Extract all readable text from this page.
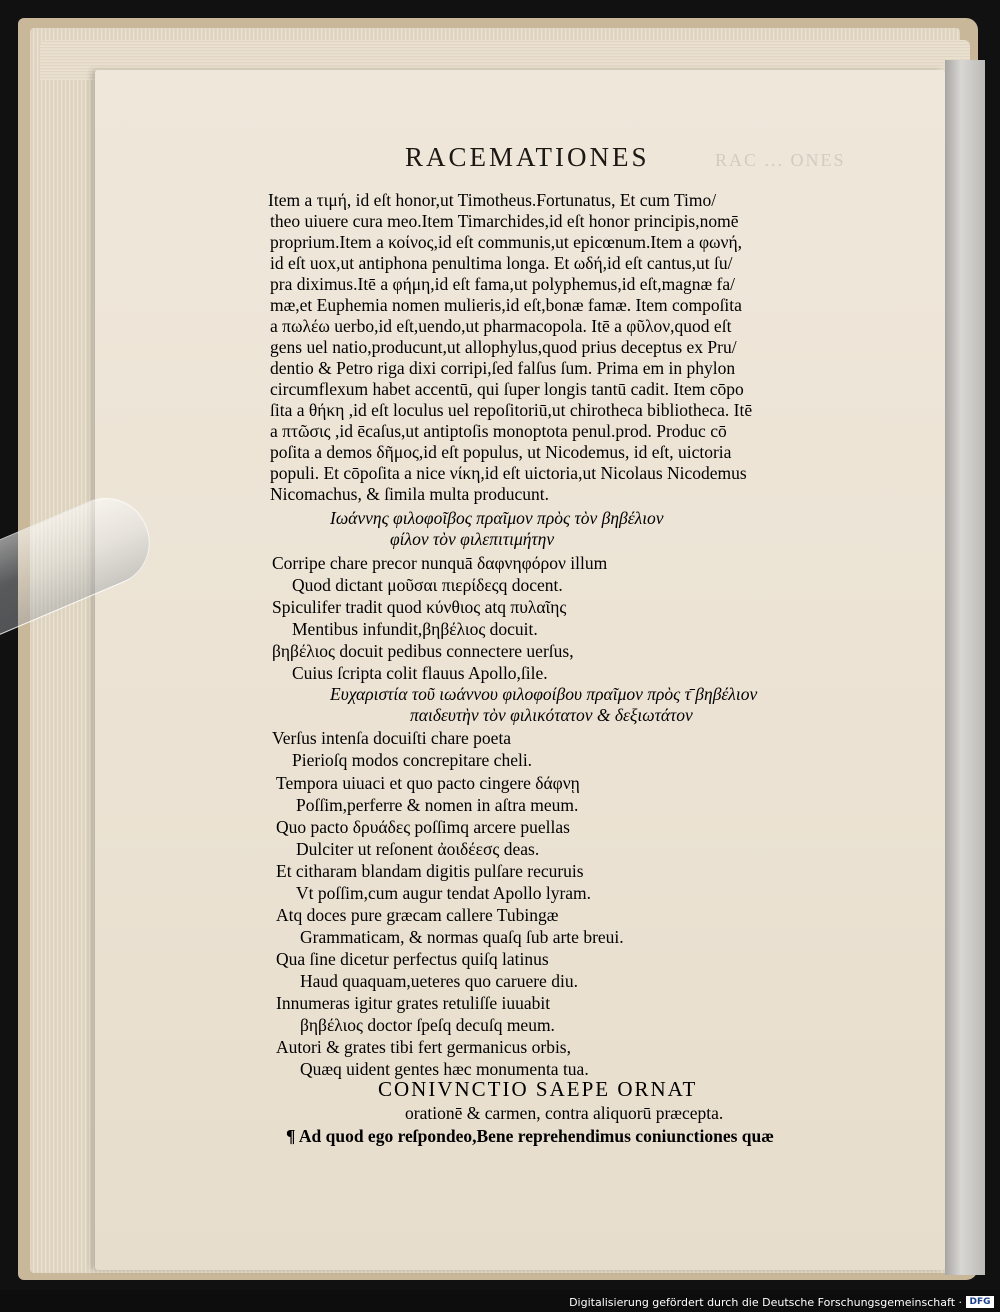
RACEMATIONES	RAC ... ONES
Item a τιμή, id eſt honor,ut Timotheus.Fortunatus, Et cum Timo/
theo uiuere cura meo.Item Timarchides,id eſt honor principis,nomē
proprium.Item a κοίνος,id eſt communis,ut epicœnum.Item a φωνή,
id eſt uox,ut antiphona penultima longa. Et ωδή,id eſt cantus,ut ſu/
pra diximus.Itē a φήμη,id eſt fama,ut polyphemus,id eſt,magnæ fa/
mæ,et Euphemia nomen mulieris,id eſt,bonæ famæ. Item compoſita
a πωλέω uerbo,id eſt,uendo,ut pharmacopola. Itē a φῦλον,quod eſt
gens uel natio,producunt,ut allophylus,quod prius deceptus ex Pru/
dentio & Petro riga dixi corripi,ſed falſus ſum. Prima em in phylon
circumflexum habet accentū, qui ſuper longis tantū cadit. Item cōpo
ſita a θήκη ,id eſt loculus uel repoſitoriū,ut chirotheca bibliotheca. Itē
a πτῶσις ,id ēcaſus,ut antiptoſis monoptota penul.prod. Produc cō
poſita a demos δῆμος,id eſt populus, ut Nicodemus, id eſt, uictoria
populi. Et cōpoſita a nice νίκη,id eſt uictoria,ut Nicolaus Nicodemus
Nicomachus, & ſimila multa producunt.
Ιωάννης φιλοφοῖβος πραῖμον πρὸς τὸν βηβέλιον
φίλον τὸν φιλεπιτιμήτην
Corripe chare precor nunquā δαφνηφόρον illum
Quod dictant μοῦσαι πιερίδεςq docent.
Spiculifer tradit quod κύνθιος atq πυλαῖης
Mentibus infundit,βηβέλιος docuit.
βηβέλιος docuit pedibus connectere uerſus,
Cuius ſcripta colit flauus Apollo,ſile.
Ευχαριστία τοῦ ιωάννου φιλοφοίβου πραῖμον πρὸς τ̄ βηβέλιον
παιδευτὴν τὸν φιλικότατον & δεξιωτάτον
Verſus intenſa docuiſti chare poeta
Pierioſq modos concrepitare cheli.
Tempora uiuaci et quo pacto cingere δάφνῃ
Poſſim,perferre & nomen in aſtra meum.
Quo pacto δρυάδες poſſimq arcere puellas
Dulciter ut reſonent ἀοιδέεσς deas.
Et citharam blandam digitis pulſare recuruis
Vt poſſim,cum augur tendat Apollo lyram.
Atq doces pure græcam callere Tubingæ
Grammaticam, & normas quaſq ſub arte breui.
Qua ſine dicetur perfectus quiſq latinus
Haud quaquam,ueteres quo caruere diu.
Innumeras igitur grates retuliſſe iuuabit
βηβέλιος doctor ſpeſq decuſq meum.
Autori & grates tibi fert germanicus orbis,
Quæq uident gentes hæc monumenta tua.
CONIVNCTIO SAEPE ORNAT
orationē & carmen, contra aliquorū præcepta.
¶ Ad quod ego reſpondeo,Bene reprehendimus coniunctiones quæ
Digitalisierung gefördert durch die Deutsche Forschungsgemeinschaft · DFG
